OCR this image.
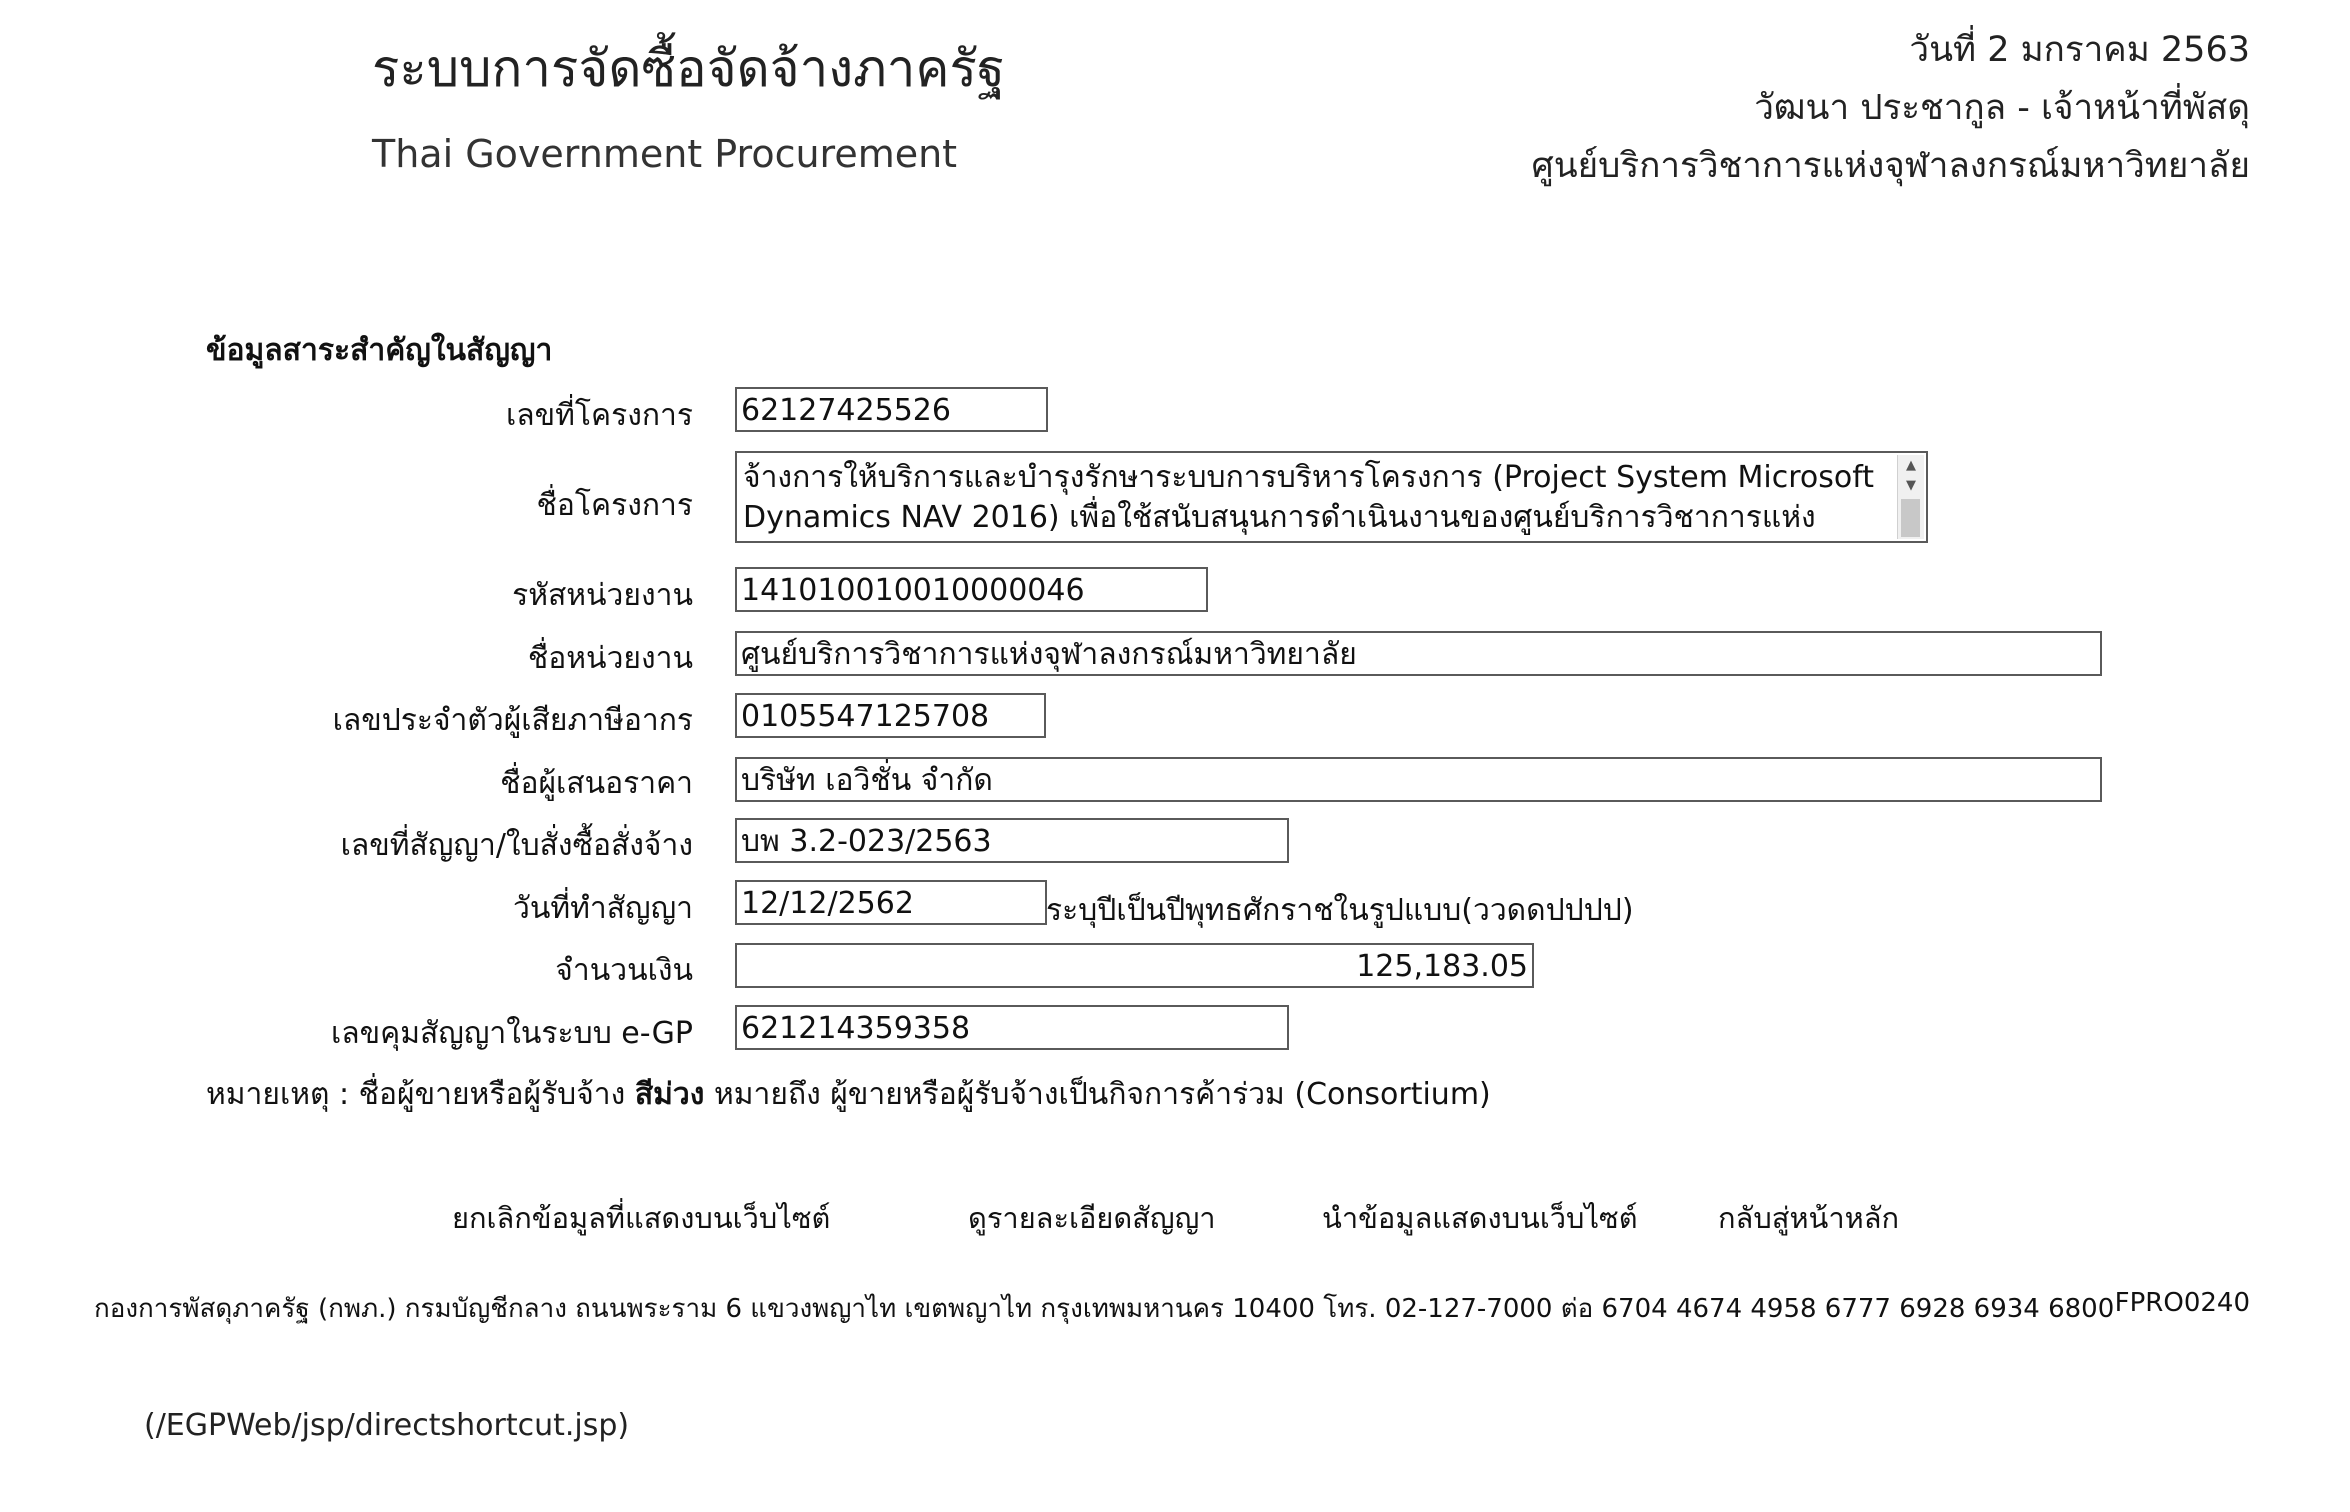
ระบบการจัดซื้อจัดจ้างภาครัฐ
Thai Government Procurement
วันที่ 2 มกราคม 2563
วัฒนา ประชากูล - เจ้าหน้าที่พัสดุ
ศูนย์บริการวิชาการแห่งจุฬาลงกรณ์มหาวิทยาลัย
ข้อมูลสาระสำคัญในสัญญา
เลขที่โครงการ 62127425526
ชื่อโครงการ
จ้างการให้บริการและบำรุงรักษาระบบการบริหารโครงการ (Project System Microsoft Dynamics NAV 2016) เพื่อใช้สนับสนุนการดำเนินงานของศูนย์บริการวิชาการแห่ง
▲
▼
รหัสหน่วยงาน 141010010010000046
ชื่อหน่วยงาน ศูนย์บริการวิชาการแห่งจุฬาลงกรณ์มหาวิทยาลัย
เลขประจำตัวผู้เสียภาษีอากร 0105547125708
ชื่อผู้เสนอราคา บริษัท เอวิชั่น จำกัด
เลขที่สัญญา/ใบสั่งซื้อสั่งจ้าง บพ 3.2-023/2563
วันที่ทำสัญญา 12/12/2562	ระบุปีเป็นปีพุทธศักราชในรูปแบบ(ววดดปปปป)
จำนวนเงิน	125,183.05
เลขคุมสัญญาในระบบ e-GP 621214359358
หมายเหตุ : ชื่อผู้ขายหรือผู้รับจ้าง สีม่วง หมายถึง ผู้ขายหรือผู้รับจ้างเป็นกิจการค้าร่วม (Consortium)
ยกเลิกข้อมูลที่แสดงบนเว็บไซต์	ดูรายละเอียดสัญญา	นำข้อมูลแสดงบนเว็บไซต์	กลับสู่หน้าหลัก
กองการพัสดุภาครัฐ (กพภ.) กรมบัญชีกลาง ถนนพระราม 6 แขวงพญาไท เขตพญาไท กรุงเทพมหานคร 10400 โทร. 02-127-7000 ต่อ 6704 4674 4958 6777 6928 6934 6800 FPRO0240
(/EGPWeb/jsp/directshortcut.jsp)
